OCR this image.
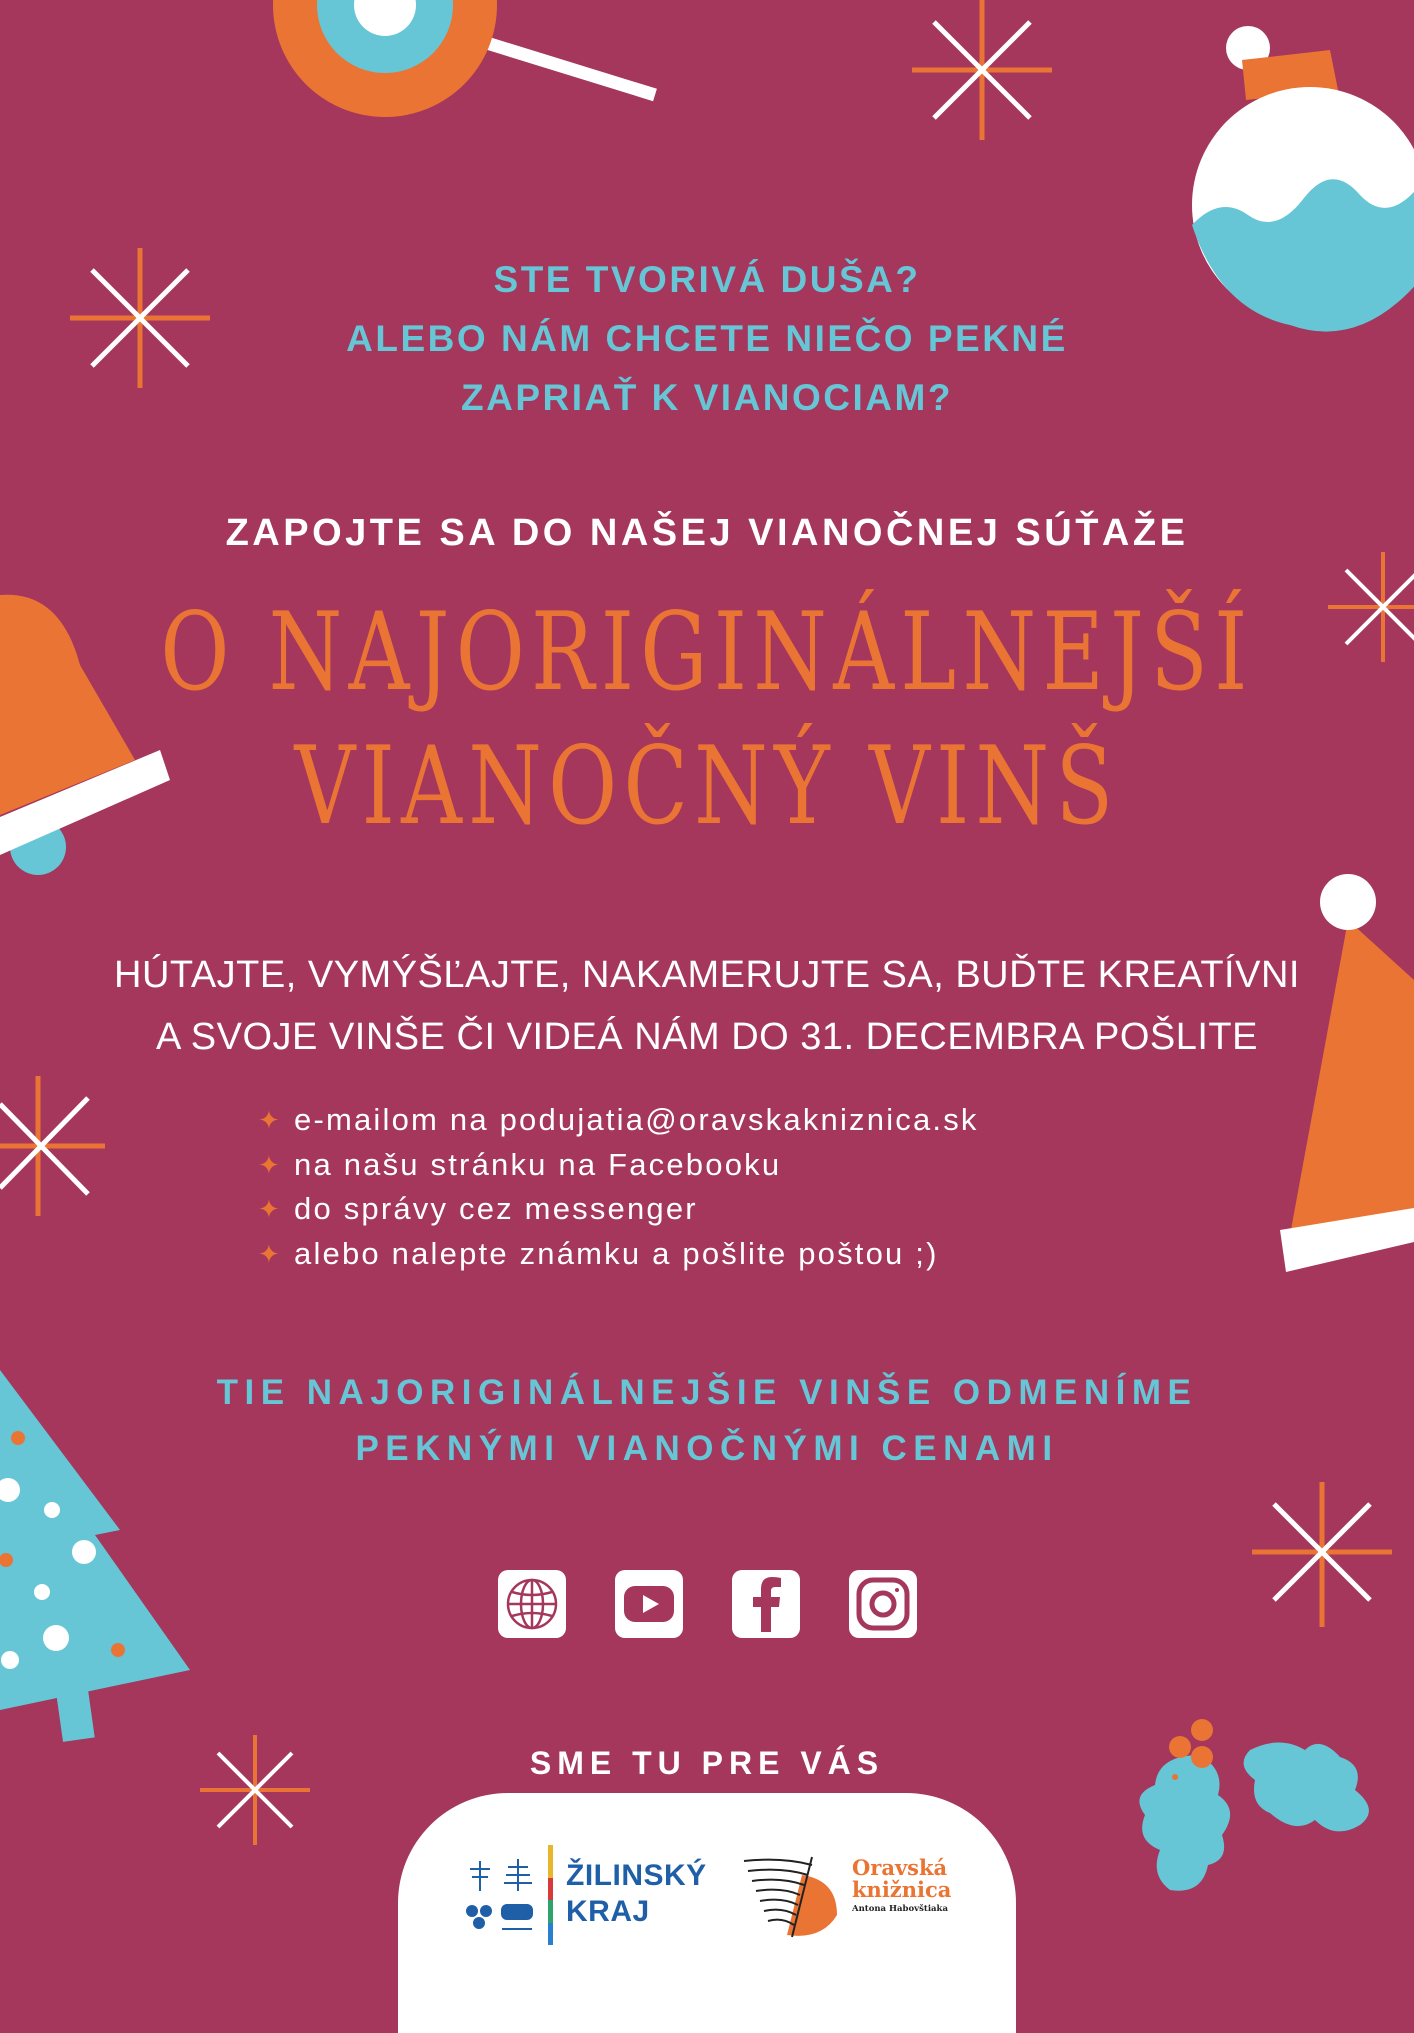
STE TVORIVÁ DUŠA?
ALEBO NÁM CHCETE NIEČO PEKNÉ
ZAPRIAŤ K VIANOCIAM?
ZAPOJTE SA DO NAŠEJ VIANOČNEJ SÚŤAŽE
O NAJORIGINÁLNEJŠÍ
VIANOČNÝ VINŠ
HÚTAJTE, VYMÝŠĽAJTE, NAKAMERUJTE SA, BUĎTE KREATÍVNI
A SVOJE VINŠE ČI VIDEÁ NÁM DO 31. DECEMBRA POŠLITE
✦ e-mailom na podujatia@oravskakniznica.sk
✦ na našu stránku na Facebooku
✦ do správy cez messenger
✦ alebo nalepte známku a pošlite poštou ;)
TIE NAJORIGINÁLNEJŠIE VINŠE ODMENÍME
PEKNÝMI VIANOČNÝMI CENAMI
SME TU PRE VÁS
ŽILINSKÝ
KRAJ
Oravská
knižnica
Antona Habovštiaka
